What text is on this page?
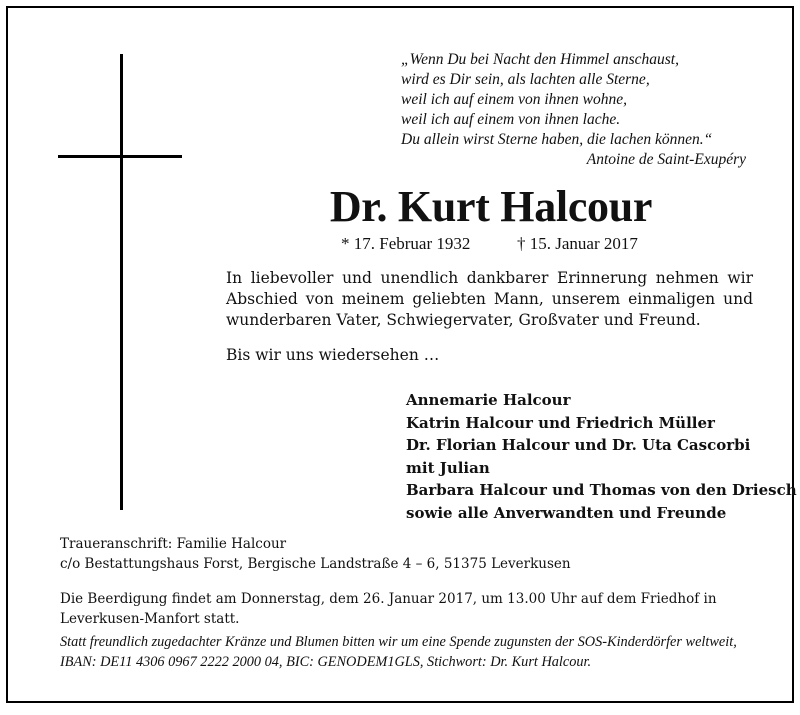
„Wenn Du bei Nacht den Himmel anschaust,
wird es Dir sein, als lachten alle Sterne,
weil ich auf einem von ihnen wohne,
weil ich auf einem von ihnen lache.
Du allein wirst Sterne haben, die lachen können.“
Antoine de Saint-Exupéry
Dr. Kurt Halcour
* 17. Februar 1932	† 15. Januar 2017

In liebevoller und unendlich dankbarer Erinnerung nehmen wir Abschied von meinem geliebten Mann, unserem einmaligen und wunderbaren Vater, Schwiegervater, Großvater und Freund.

Bis wir uns wiedersehen …

Annemarie Halcour
Katrin Halcour und Friedrich Müller
Dr. Florian Halcour und Dr. Uta Cascorbi
mit Julian
Barbara Halcour und Thomas von den Driesch
sowie alle Anverwandten und Freunde
Traueranschrift: Familie Halcour
c/o Bestattungshaus Forst, Bergische Landstraße 4 – 6, 51375 Leverkusen

Die Beerdigung findet am Donnerstag, dem 26. Januar 2017, um 13.00 Uhr auf dem Friedhof in Leverkusen-Manfort statt.

Statt freundlich zugedachter Kränze und Blumen bitten wir um eine Spende zugunsten der SOS-Kinderdörfer weltweit,
IBAN: DE11 4306 0967 2222 2000 04, BIC: GENODEM1GLS, Stichwort: Dr. Kurt Halcour.
